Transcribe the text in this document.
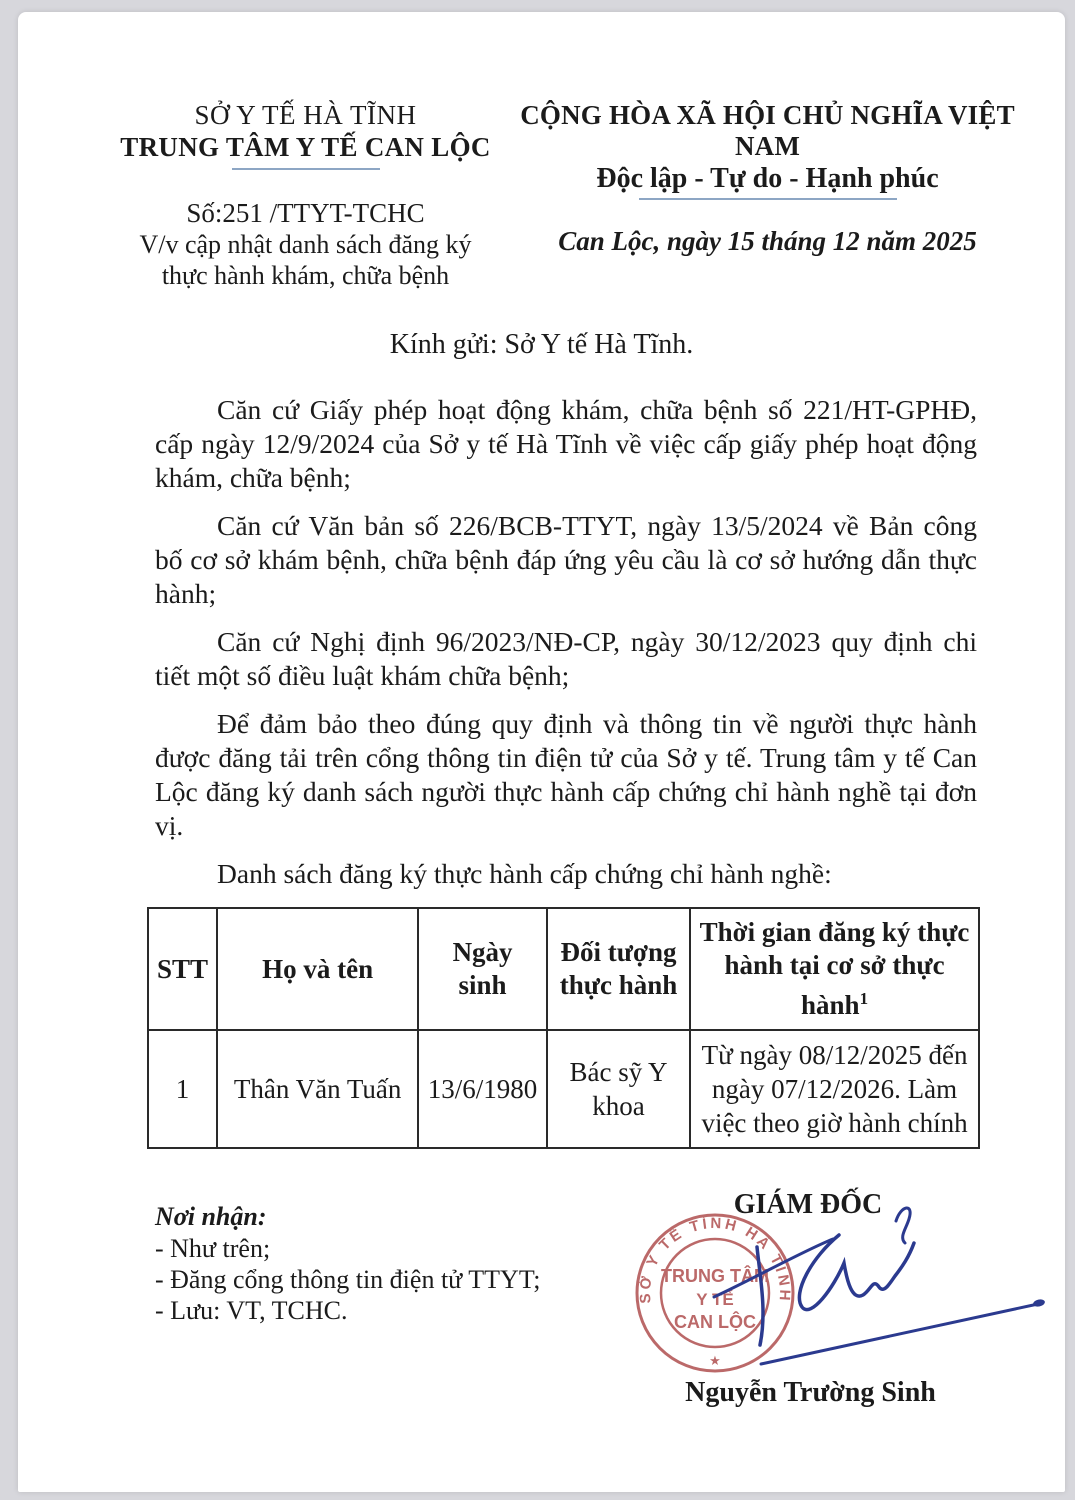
SỞ Y TẾ HÀ TĨNH
TRUNG TÂM Y TẾ CAN LỘC
Số:251 /TTYT-TCHC
V/v cập nhật danh sách đăng ký
thực hành khám, chữa bệnh
CỘNG HÒA XÃ HỘI CHỦ NGHĨA VIỆT NAM
Độc lập - Tự do - Hạnh phúc
Can Lộc, ngày 15 tháng 12 năm 2025
Kính gửi: Sở Y tế Hà Tĩnh.

Căn cứ Giấy phép hoạt động khám, chữa bệnh số 221/HT-GPHĐ, cấp ngày 12/9/2024 của Sở y tế Hà Tĩnh về việc cấp giấy phép hoạt động khám, chữa bệnh;

Căn cứ Văn bản số 226/BCB-TTYT, ngày 13/5/2024 về Bản công bố cơ sở khám bệnh, chữa bệnh đáp ứng yêu cầu là cơ sở hướng dẫn thực hành;

Căn cứ Nghị định 96/2023/NĐ-CP, ngày 30/12/2023 quy định chi tiết một số điều luật khám chữa bệnh;

Để đảm bảo theo đúng quy định và thông tin về người thực hành được đăng tải trên cổng thông tin điện tử của Sở y tế. Trung tâm y tế Can Lộc đăng ký danh sách người thực hành cấp chứng chỉ hành nghề tại đơn vị.

Danh sách đăng ký thực hành cấp chứng chỉ hành nghề:

STT	Họ và tên	Ngày sinh	Đối tượng thực hành	Thời gian đăng ký thực hành tại cơ sở thực hành$^1$
1	Thân Văn Tuấn	13/6/1980	Bác sỹ Y khoa	Từ ngày 08/12/2025 đến ngày 07/12/2026. Làm việc theo giờ hành chính
Nơi nhận:
- Như trên;
- Đăng cổng thông tin điện tử TTYT;
- Lưu: VT, TCHC.
GIÁM ĐỐC
SỞ Y TẾ TỈNH HÀ TĨNH
TRUNG TÂM
Y TẾ
CAN LỘC
★
Nguyễn Trường Sinh
